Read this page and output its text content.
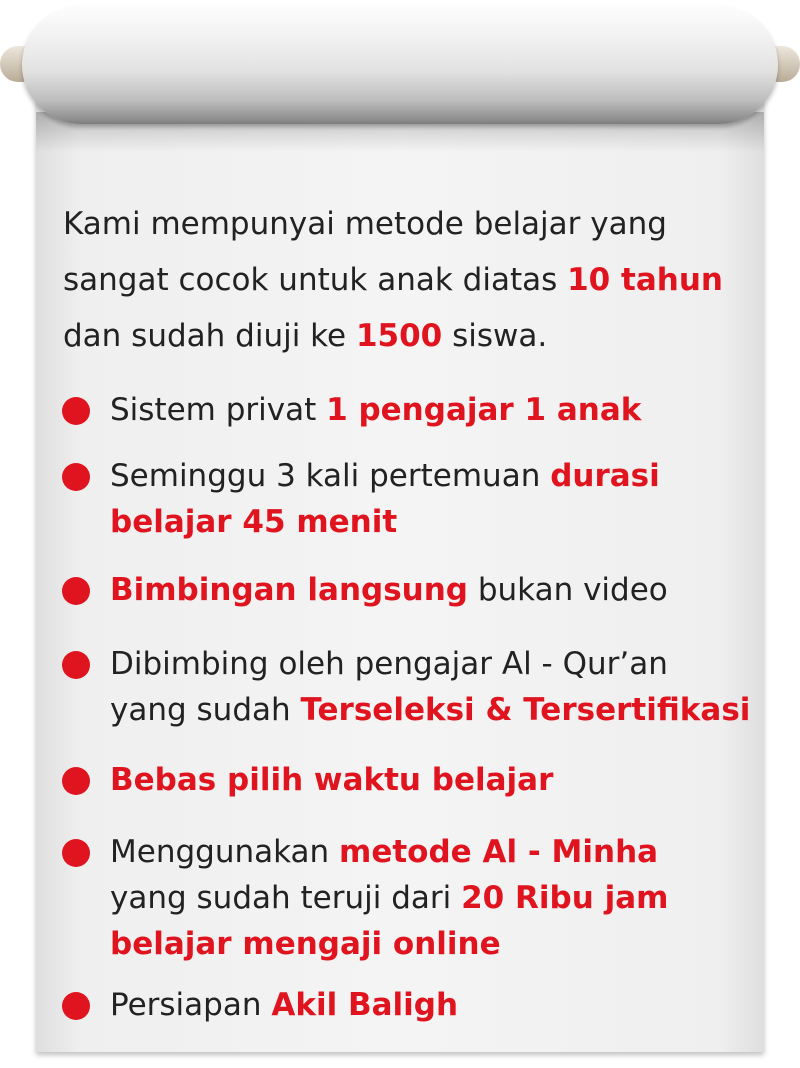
Kami mempunyai metode belajar yang sangat cocok untuk anak diatas 10 tahun dan sudah diuji ke 1500 siswa.

Sistem privat 1 pengajar 1 anak
Seminggu 3 kali pertemuan durasi
belajar 45 menit
Bimbingan langsung bukan video
Dibimbing oleh pengajar Al - Qur’an
yang sudah Terseleksi & Tersertifikasi
Bebas pilih waktu belajar
Menggunakan metode Al - Minha
yang sudah teruji dari 20 Ribu jam
belajar mengaji online
Persiapan Akil Baligh
